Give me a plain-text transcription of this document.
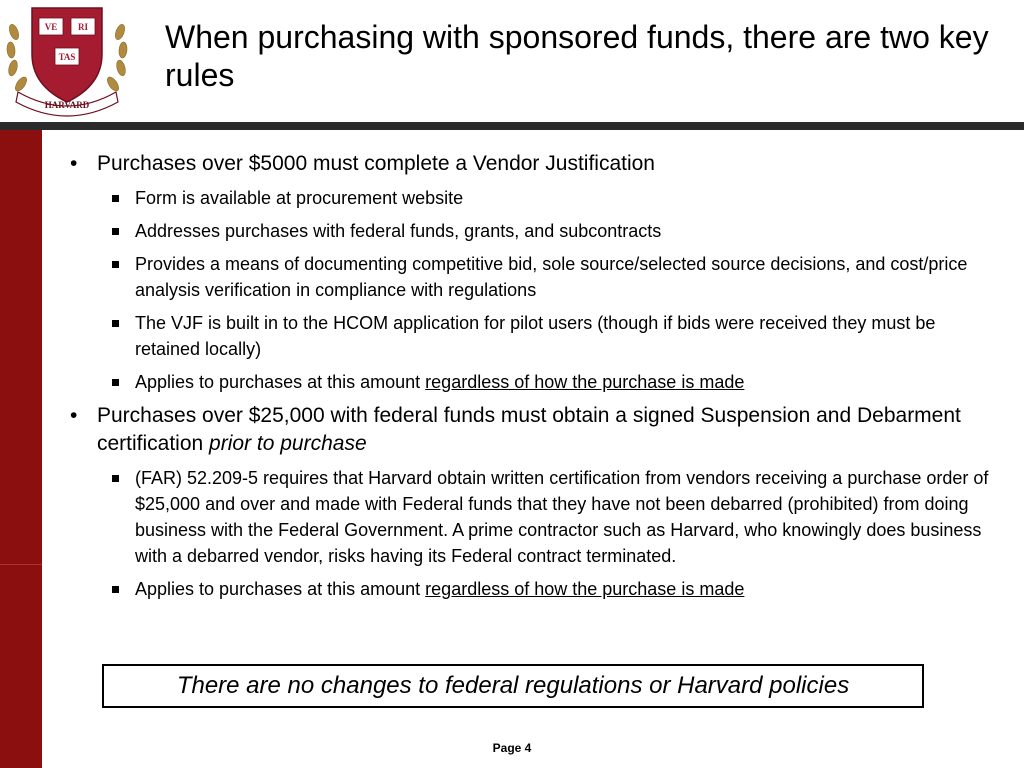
VE RI
TAS
HARVARD
When purchasing with sponsored funds, there are two key rules
• Purchases over $5000 must complete a Vendor Justification
Form is available at procurement website
Addresses purchases with federal funds, grants, and subcontracts
Provides a means of documenting competitive bid, sole source/selected source decisions, and cost/price analysis verification in compliance with regulations
The VJF is built in to the HCOM application for pilot users (though if bids were received they must be retained locally)
Applies to purchases at this amount regardless of how the purchase is made
• Purchases over $25,000 with federal funds must obtain a signed Suspension and Debarment certification prior to purchase
(FAR) 52.209-5 requires that Harvard obtain written certification from vendors receiving a purchase order of $25,000 and over and made with Federal funds that they have not been debarred (prohibited) from doing business with the Federal Government. A prime contractor such as Harvard, who knowingly does business with a debarred vendor, risks having its Federal contract terminated.
Applies to purchases at this amount regardless of how the purchase is made
There are no changes to federal regulations or Harvard policies
Page 4
